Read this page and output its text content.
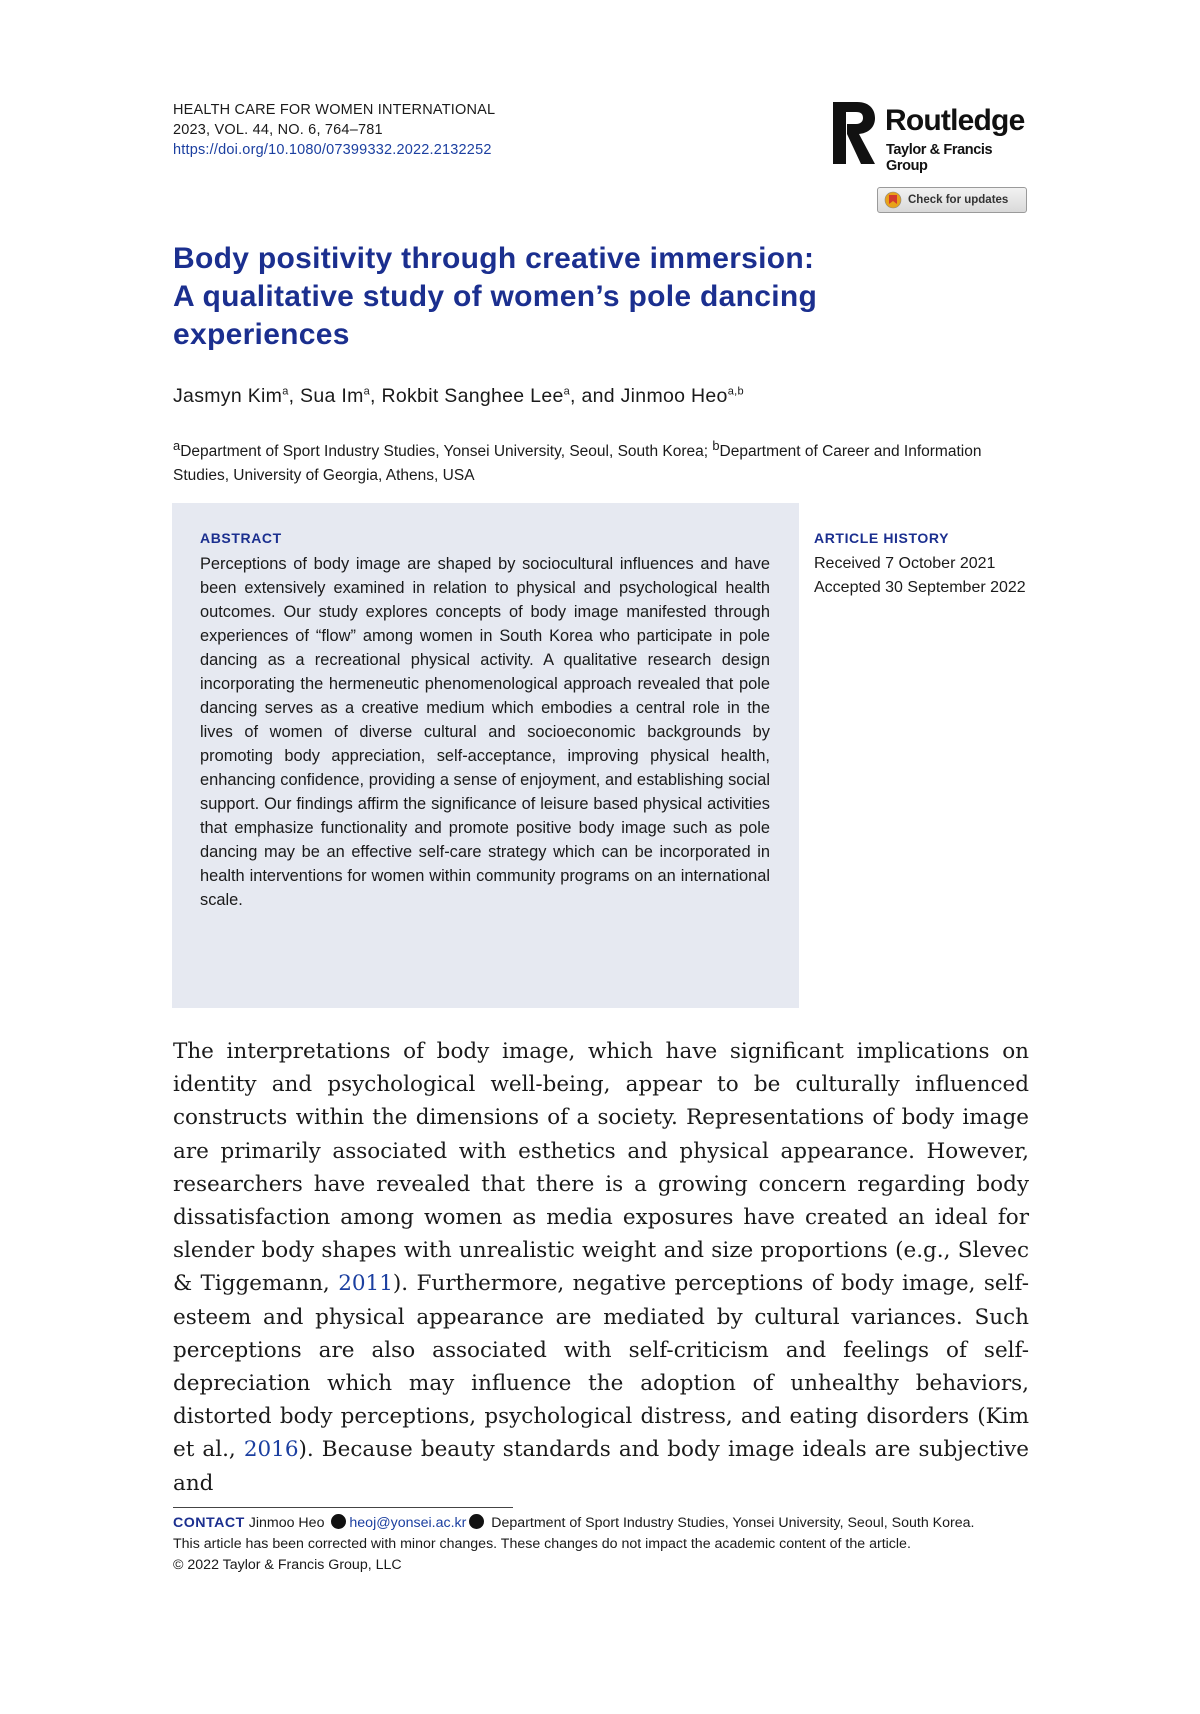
HEALTH CARE FOR WOMEN INTERNATIONAL
2023, VOL. 44, NO. 6, 764–781
https://doi.org/10.1080/07399332.2022.2132252
Routledge
Taylor & Francis Group
Check for updates
Body positivity through creative immersion:
A qualitative study of women’s pole dancing
experiences
Jasmyn Kim$^a$, Sua Im$^a$, Rokbit Sanghee Lee$^a$, and Jinmoo Heo$^{a,b}$
$^a$Department of Sport Industry Studies, Yonsei University, Seoul, South Korea; $^b$Department of Career and Information Studies, University of Georgia, Athens, USA
ABSTRACT

Perceptions of body image are shaped by sociocultural influences and have been extensively examined in relation to physical and psychological health outcomes. Our study explores concepts of body image manifested through experiences of “flow” among women in South Korea who participate in pole dancing as a recreational physical activity. A qualitative research design incorporating the hermeneutic phenomenological approach revealed that pole dancing serves as a creative medium which embodies a central role in the lives of women of diverse cultural and socioeconomic backgrounds by promoting body appreciation, self-acceptance, improving physical health, enhancing confidence, providing a sense of enjoyment, and establishing social support. Our findings affirm the significance of leisure based physical activities that emphasize functionality and promote positive body image such as pole dancing may be an effective self-care strategy which can be incorporated in health interventions for women within community programs on an international scale.

ARTICLE HISTORY
Received 7 October 2021
Accepted 30 September 2022

The interpretations of body image, which have significant implications on identity and psychological well-being, appear to be culturally influenced constructs within the dimensions of a society. Representations of body image are primarily associated with esthetics and physical appearance. However, researchers have revealed that there is a growing concern regarding body dissatisfaction among women as media exposures have created an ideal for slender body shapes with unrealistic weight and size proportions (e.g., Slevec & Tiggemann, 2011). Furthermore, negative perceptions of body image, self-esteem and physical appearance are mediated by cultural variances. Such perceptions are also associated with self-criticism and feelings of self-depreciation which may influence the adoption of unhealthy behaviors, distorted body perceptions, psychological distress, and eating disorders (Kim et al., 2016). Because beauty standards and body image ideals are subjective and

CONTACT Jinmoo Heo heoj@yonsei.ac.kr Department of Sport Industry Studies, Yonsei University, Seoul, South Korea.
This article has been corrected with minor changes. These changes do not impact the academic content of the article.
© 2022 Taylor & Francis Group, LLC
